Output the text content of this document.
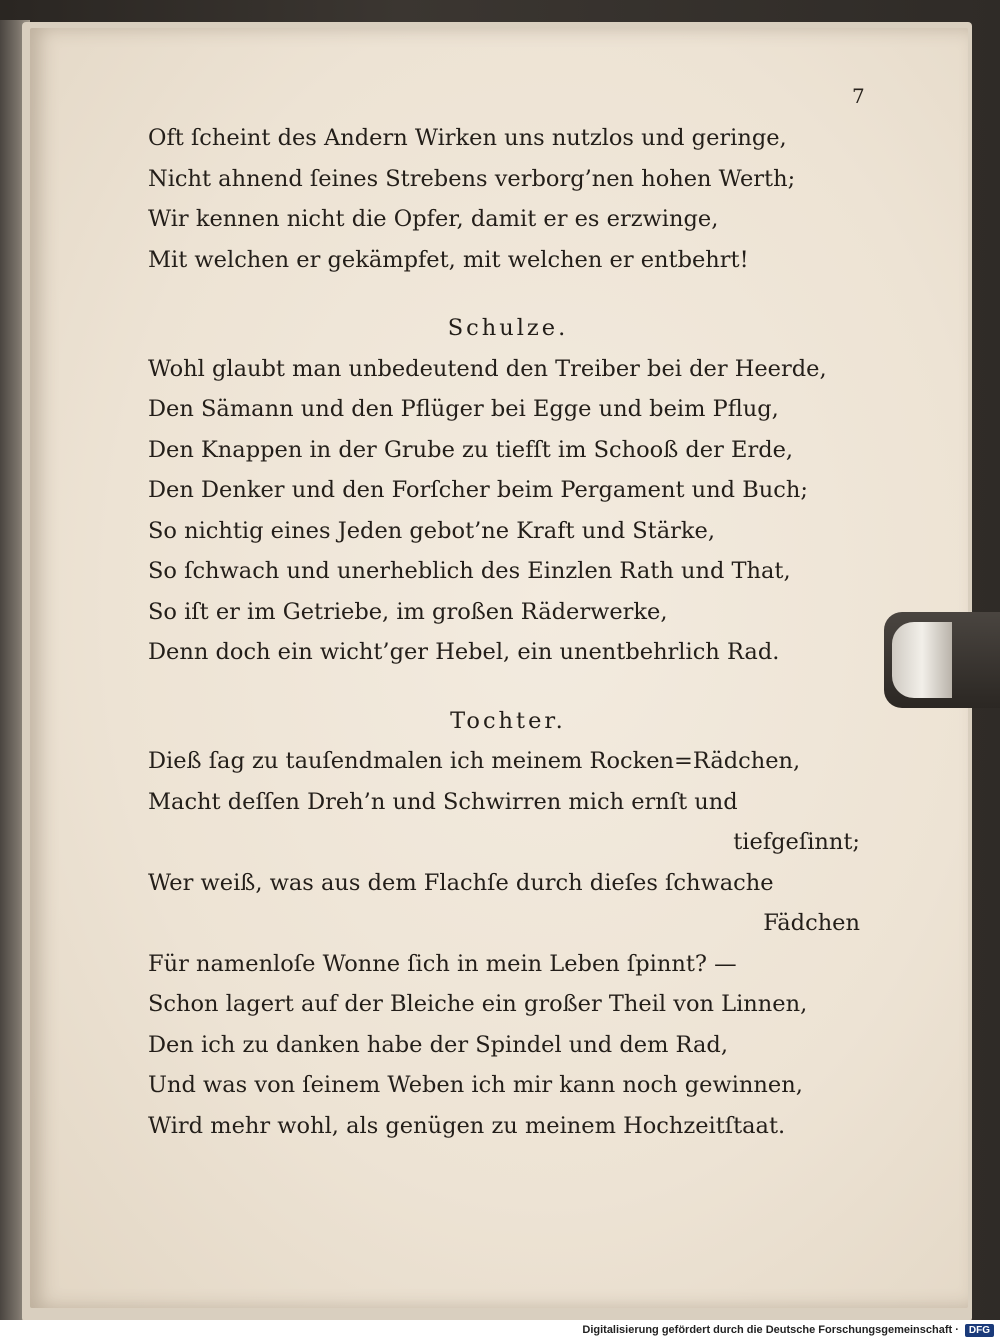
7
Oft ſcheint des Andern Wirken uns nutzlos und geringe,
Nicht ahnend ſeines Strebens verborg’nen hohen Werth;
Wir kennen nicht die Opfer, damit er es erzwinge,
Mit welchen er gekämpfet, mit welchen er entbehrt!
Schulze.
Wohl glaubt man unbedeutend den Treiber bei der Heerde,
Den Sämann und den Pflüger bei Egge und beim Pflug,
Den Knappen in der Grube zu tiefſt im Schooß der Erde,
Den Denker und den Forſcher beim Pergament und Buch;
So nichtig eines Jeden gebot’ne Kraft und Stärke,
So ſchwach und unerheblich des Einzlen Rath und That,
So iſt er im Getriebe, im großen Räderwerke,
Denn doch ein wicht’ger Hebel, ein unentbehrlich Rad.
Tochter.
Dieß ſag zu tauſendmalen ich meinem Rocken=Rädchen,
Macht deſſen Dreh’n und Schwirren mich ernſt und
tiefgeſinnt;
Wer weiß, was aus dem Flachſe durch dieſes ſchwache
Fädchen
Für namenloſe Wonne ſich in mein Leben ſpinnt? —
Schon lagert auf der Bleiche ein großer Theil von Linnen,
Den ich zu danken habe der Spindel und dem Rad,
Und was von ſeinem Weben ich mir kann noch gewinnen,
Wird mehr wohl, als genügen zu meinem Hochzeitſtaat.
Digitalisierung gefördert durch die Deutsche Forschungsgemeinschaft ·	DFG
